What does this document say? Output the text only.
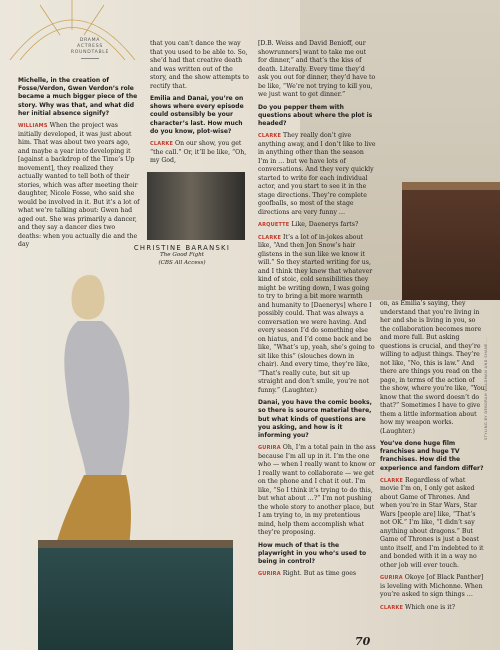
DRAMA
ACTRESS
ROUNDTABLE

Michelle, in the creation of Fosse/Verdon, Gwen Verdon’s role became a much bigger piece of the story. Why was that, and what did her initial absence signify?

WILLIAMS When the project was initially developed, it was just about him. That was about two years ago, and maybe a year into developing it [against a backdrop of the Time’s Up movement], they realized they actually wanted to tell both of their stories, which was after meeting their daughter, Nicole Fosse, who said she would be involved in it. But it’s a lot of what we’re talking about: Gwen had aged out. She was primarily a dancer, and they say a dancer dies two deaths: when you actually die and the day

that you can’t dance the way that you used to be able to. So, she’d had that creative death and was written out of the story, and the show attempts to rectify that.

Emilia and Danai, you’re on shows where every episode could ostensibly be your character’s last. How much do you know, plot-wise?

CLARKE On our show, you get “the call.” Or, it’ll be like, “Oh, my God,

CHRISTINE BARANSKI
The Good Fight
(CBS All Access)

[D.B. Weiss and David Benioff, our showrunners] want to take me out for dinner,” and that’s the kiss of death. Literally. Every time they’d ask you out for dinner, they’d have to be like, “We’re not trying to kill you, we just want to get dinner.”

Do you pepper them with questions about where the plot is headed?

CLARKE They really don’t give anything away, and I don’t like to live in anything other than the season I’m in … but we have lots of conversations. And they very quickly started to write for each individual actor, and you start to see it in the stage directions. They’re complete goofballs, so most of the stage directions are very funny …

ARQUETTE Like, Daenerys farts?

CLARKE It’s a lot of in-jokes about like, “And then Jon Snow’s hair glistens in the sun like we know it will.” So they started writing for us, and I think they knew that whatever kind of stoic, cold sensibilities they might be writing down, I was going to try to bring a bit more warmth and humanity to [Daenerys] where I possibly could. That was always a conversation we were having. And every season I’d do something else on hiatus, and I’d come back and be like, “What’s up, yeah, she’s going to sit like this” (slouches down in chair). And every time, they’re like, “That’s really cute, but sit up straight and don’t smile, you’re not funny.” (Laughter.)

Danai, you have the comic books, so there is source material there, but what kinds of questions are you asking, and how is it informing you?

GURIRA Oh, I’m a total pain in the ass because I’m all up in it. I’m the one who — when I really want to know or I really want to collaborate — we get on the phone and I chat it out. I’m like, “So I think it’s trying to do this, but what about …?” I’m not pushing the whole story to another place, but I am trying to, in my pretentious mind, help them accomplish what they’re proposing.

How much of that is the playwright in you who’s used to being in control?

GURIRA Right. But as time goes

on, as Emilia’s saying, they understand that you’re living in her and she is living in you, so the collaboration becomes more and more full. But asking questions is crucial, and they’re willing to adjust things. They’re not like, “No, this is law.” And there are things you read on the page, in terms of the action of the show, where you’re like, “You know that the sword doesn’t do that?” Sometimes I have to give them a little information about how my weapon works. (Laughter.)

You’ve done huge film franchises and huge TV franchises. How did the experience and fandom differ?

CLARKE Regardless of what movie I’m on, I only get asked about Game of Thrones. And when you’re in Star Wars, Star Wars [people are] like, “That’s not OK.” I’m like, “I didn’t say anything about dragons.” But Game of Thrones is just a beast unto itself, and I’m indebted to it and bonded with it in a way no other job will ever touch.

GURIRA Okoye [of Black Panther] is leveling with Michonne. When you’re asked to sign things …

CLARKE Which one is it?

70
STYLING BY DEBORAH WALDMAN AND SHANE ...
